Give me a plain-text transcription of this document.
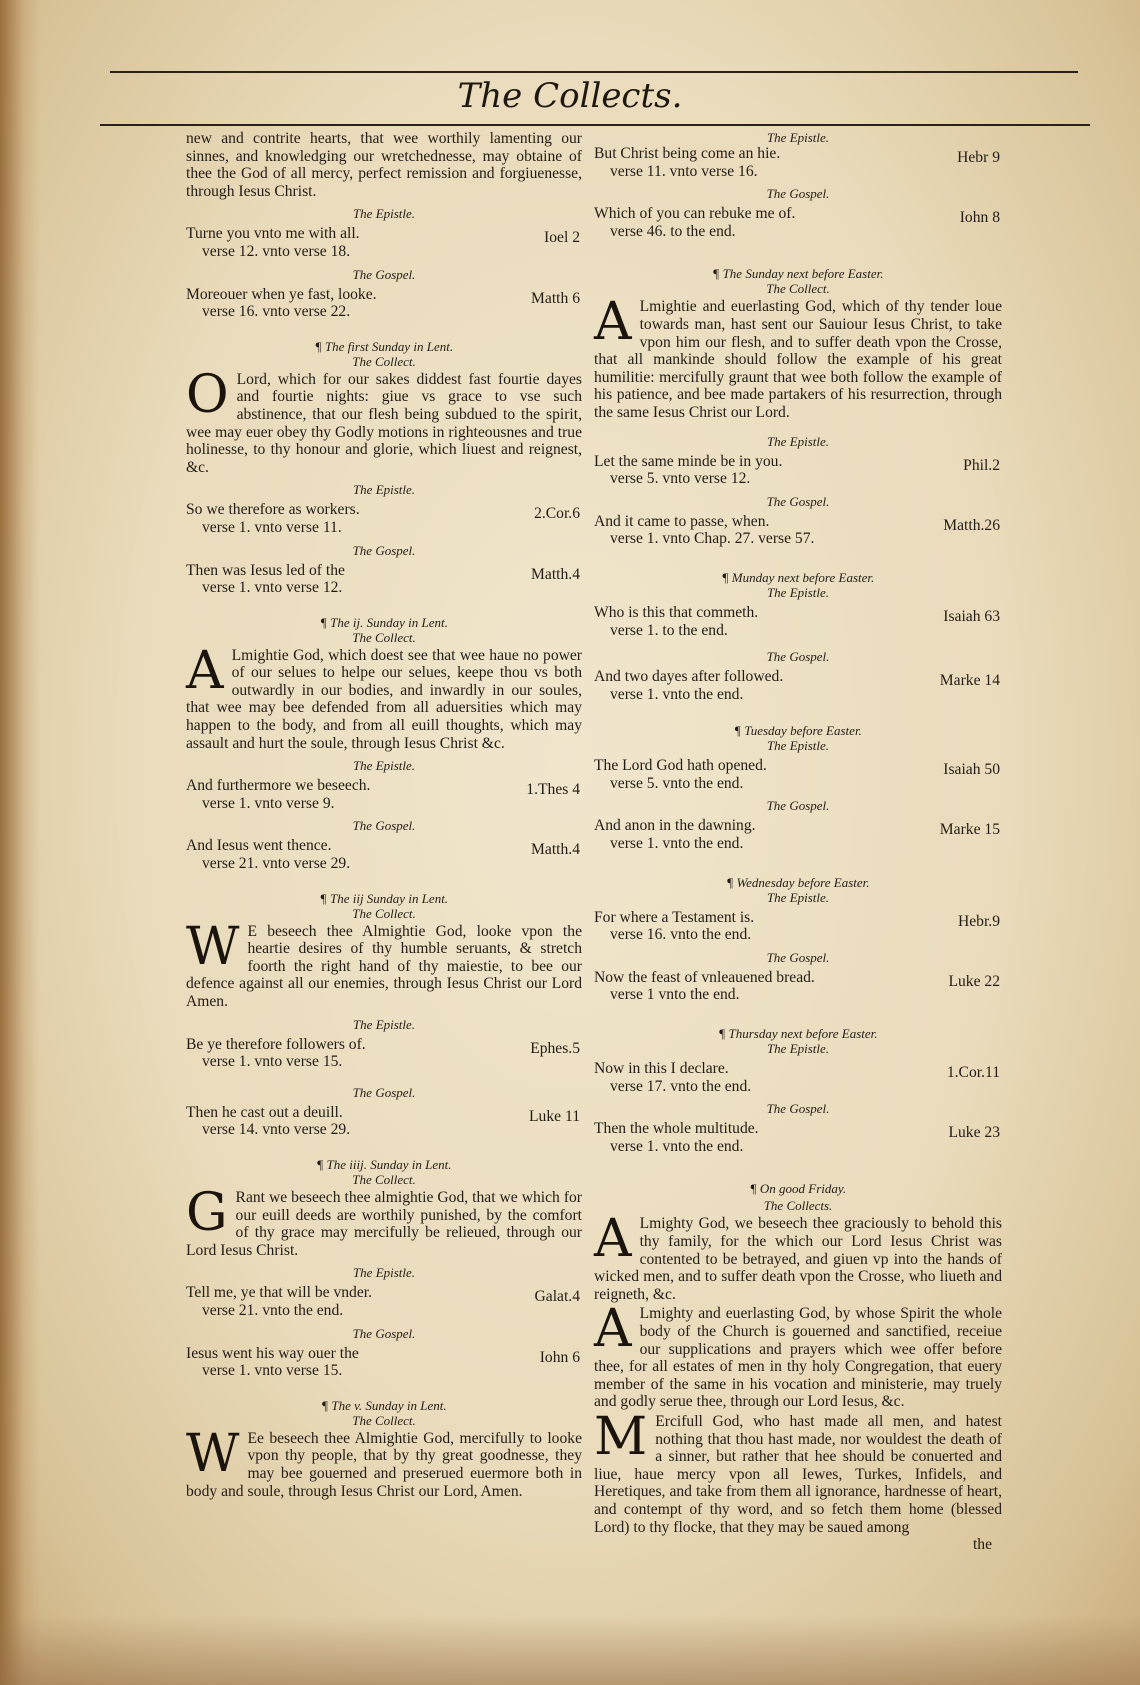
The Collects.

new and contrite hearts, that wee worthily lamenting our sinnes, and knowledging our wretchednesse, may obtaine of thee the God of all mercy, perfect remission and forgiuenesse, through Iesus Christ.

The Epistle.
Turne you vnto me with all.
verse 12. vnto verse 18.
Ioel 2
The Gospel.
Moreouer when ye fast, looke.
verse 16. vnto verse 22.
Matth 6
¶ The first Sunday in Lent.
The Collect.

O Lord, which for our sakes diddest fast fourtie dayes and fourtie nights: giue vs grace to vse such abstinence, that our flesh being subdued to the spirit, wee may euer obey thy Godly motions in righteousnes and true holinesse, to thy honour and glorie, which liuest and reignest, &c.

The Epistle.
So we therefore as workers.
verse 1. vnto verse 11.
2.Cor.6
The Gospel.
Then was Iesus led of the
verse 1. vnto verse 12.
Matth.4
¶ The ij. Sunday in Lent.
The Collect.

A Lmightie God, which doest see that wee haue no power of our selues to helpe our selues, keepe thou vs both outwardly in our bodies, and inwardly in our soules, that wee may bee defended from all aduersities which may happen to the body, and from all euill thoughts, which may assault and hurt the soule, through Iesus Christ &c.

The Epistle.
And furthermore we beseech.
verse 1. vnto verse 9.
1.Thes 4
The Gospel.
And Iesus went thence.
verse 21. vnto verse 29.
Matth.4
¶ The iij Sunday in Lent.
The Collect.

W E beseech thee Almightie God, looke vpon the heartie desires of thy humble seruants, & stretch foorth the right hand of thy maiestie, to bee our defence against all our enemies, through Iesus Christ our Lord Amen.

The Epistle.
Be ye therefore followers of.
verse 1. vnto verse 15.
Ephes.5
The Gospel.
Then he cast out a deuill.
verse 14. vnto verse 29.
Luke 11
¶ The iiij. Sunday in Lent.
The Collect.

G Rant we beseech thee almightie God, that we which for our euill deeds are worthily punished, by the comfort of thy grace may mercifully be relieued, through our Lord Iesus Christ.

The Epistle.
Tell me, ye that will be vnder.
verse 21. vnto the end.
Galat.4
The Gospel.
Iesus went his way ouer the
verse 1. vnto verse 15.
Iohn 6
¶ The v. Sunday in Lent.
The Collect.

W Ee beseech thee Almightie God, mercifully to looke vpon thy people, that by thy great goodnesse, they may bee gouerned and preserued euermore both in body and soule, through Iesus Christ our Lord, Amen.

The Epistle.
But Christ being come an hie.
verse 11. vnto verse 16.
Hebr 9
The Gospel.
Which of you can rebuke me of.
verse 46. to the end.
Iohn 8
¶ The Sunday next before Easter.
The Collect.

A Lmightie and euerlasting God, which of thy tender loue towards man, hast sent our Sauiour Iesus Christ, to take vpon him our flesh, and to suffer death vpon the Crosse, that all mankinde should follow the example of his great humilitie: mercifully graunt that wee both follow the example of his patience, and bee made partakers of his resurrection, through the same Iesus Christ our Lord.

The Epistle.
Let the same minde be in you.
verse 5. vnto verse 12.
Phil.2
The Gospel.
And it came to passe, when.
verse 1. vnto Chap. 27. verse 57.
Matth.26
¶ Munday next before Easter.
The Epistle.
Who is this that commeth.
verse 1. to the end.
Isaiah 63
The Gospel.
And two dayes after followed.
verse 1. vnto the end.
Marke 14
¶ Tuesday before Easter.
The Epistle.
The Lord God hath opened.
verse 5. vnto the end.
Isaiah 50
The Gospel.
And anon in the dawning.
verse 1. vnto the end.
Marke 15
¶ Wednesday before Easter.
The Epistle.
For where a Testament is.
verse 16. vnto the end.
Hebr.9
The Gospel.
Now the feast of vnleauened bread.
verse 1 vnto the end.
Luke 22
¶ Thursday next before Easter.
The Epistle.
Now in this I declare.
verse 17. vnto the end.
1.Cor.11
The Gospel.
Then the whole multitude.
verse 1. vnto the end.
Luke 23
¶ On good Friday.
The Collects.

A Lmighty God, we beseech thee graciously to behold this thy family, for the which our Lord Iesus Christ was contented to be betrayed, and giuen vp into the hands of wicked men, and to suffer death vpon the Crosse, who liueth and reigneth, &c.

A Lmighty and euerlasting God, by whose Spirit the whole body of the Church is gouerned and sanctified, receiue our supplications and prayers which wee offer before thee, for all estates of men in thy holy Congregation, that euery member of the same in his vocation and ministerie, may truely and godly serue thee, through our Lord Iesus, &c.

M Ercifull God, who hast made all men, and hatest nothing that thou hast made, nor wouldest the death of a sinner, but rather that hee should be conuerted and liue, haue mercy vpon all Iewes, Turkes, Infidels, and Heretiques, and take from them all ignorance, hardnesse of heart, and contempt of thy word, and so fetch them home (blessed Lord) to thy flocke, that they may be saued among

the
